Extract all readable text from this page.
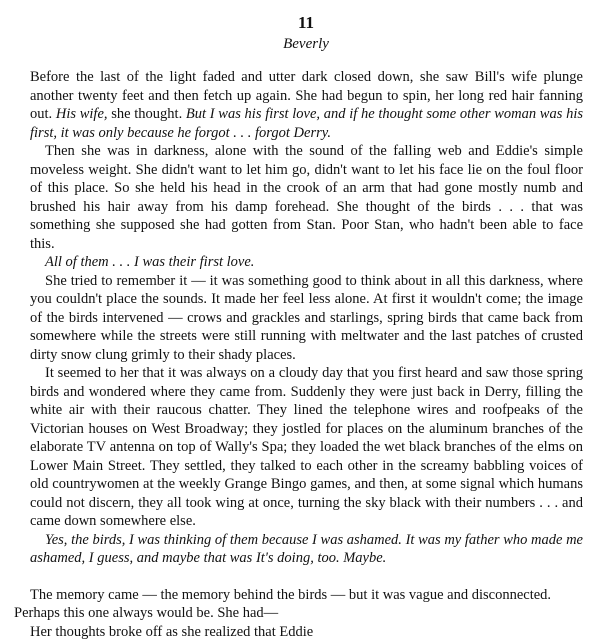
11
Beverly

Before the last of the light faded and utter dark closed down, she saw Bill's wife plunge another twenty feet and then fetch up again. She had begun to spin, her long red hair fanning out. His wife, she thought. But I was his first love, and if he thought some other woman was his first, it was only because he forgot . . . forgot Derry.

Then she was in darkness, alone with the sound of the falling web and Eddie's simple moveless weight. She didn't want to let him go, didn't want to let his face lie on the foul floor of this place. So she held his head in the crook of an arm that had gone mostly numb and brushed his hair away from his damp forehead. She thought of the birds . . . that was something she supposed she had gotten from Stan. Poor Stan, who hadn't been able to face this.

All of them . . . I was their first love.

She tried to remember it — it was something good to think about in all this darkness, where you couldn't place the sounds. It made her feel less alone. At first it wouldn't come; the image of the birds intervened — crows and grackles and starlings, spring birds that came back from somewhere while the streets were still running with meltwater and the last patches of crusted dirty snow clung grimly to their shady places.

It seemed to her that it was always on a cloudy day that you first heard and saw those spring birds and wondered where they came from. Suddenly they were just back in Derry, filling the white air with their raucous chatter. They lined the telephone wires and roofpeaks of the Victorian houses on West Broadway; they jostled for places on the aluminum branches of the elaborate TV antenna on top of Wally's Spa; they loaded the wet black branches of the elms on Lower Main Street. They settled, they talked to each other in the screamy babbling voices of old countrywomen at the weekly Grange Bingo games, and then, at some signal which humans could not discern, they all took wing at once, turning the sky black with their numbers . . . and came down somewhere else.

Yes, the birds, I was thinking of them because I was ashamed. It was my father who made me ashamed, I guess, and maybe that was It's doing, too. Maybe.

The memory came — the memory behind the birds — but it was vague and disconnected.

Perhaps this one always would be. She had—

Her thoughts broke off as she realized that Eddie
